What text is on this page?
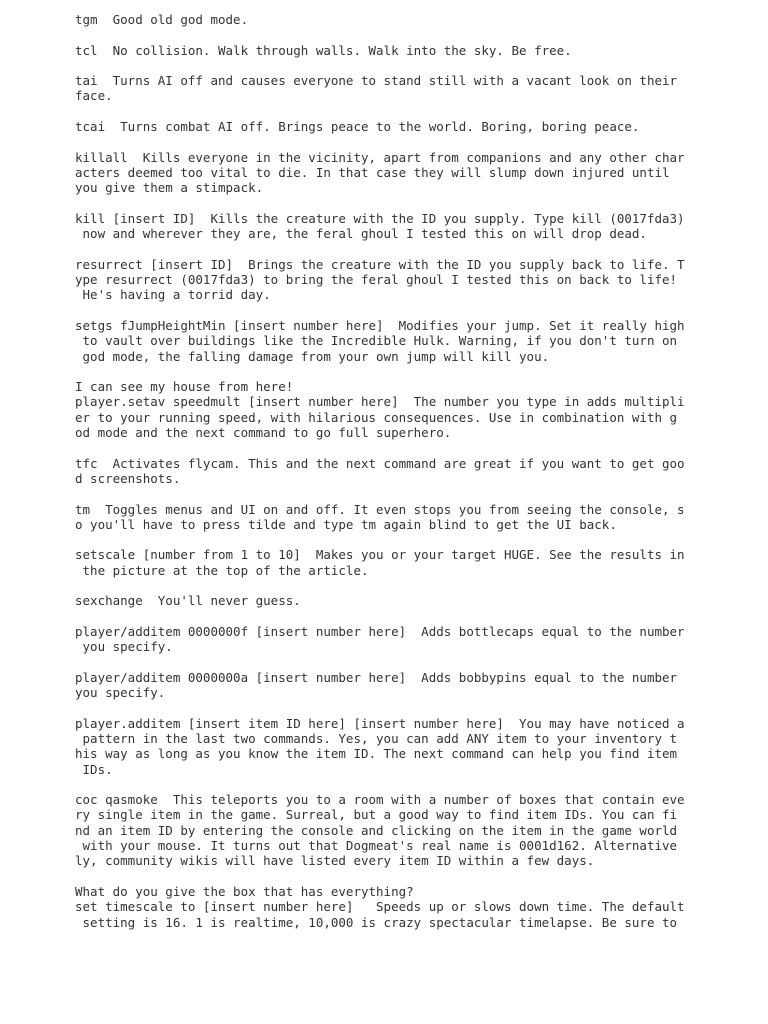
tgm  Good old god mode.
tcl  No collision. Walk through walls. Walk into the sky. Be free.
tai  Turns AI off and causes everyone to stand still with a vacant look on their
face.
tcai  Turns combat AI off. Brings peace to the world. Boring, boring peace.
killall  Kills everyone in the vicinity, apart from companions and any other char
acters deemed too vital to die. In that case they will slump down injured until
you give them a stimpack.
kill [insert ID]  Kills the creature with the ID you supply. Type kill (0017fda3)
now and wherever they are, the feral ghoul I tested this on will drop dead.
resurrect [insert ID]  Brings the creature with the ID you supply back to life. T
ype resurrect (0017fda3) to bring the feral ghoul I tested this on back to life!
He's having a torrid day.
setgs fJumpHeightMin [insert number here]  Modifies your jump. Set it really high
to vault over buildings like the Incredible Hulk. Warning, if you don't turn on
god mode, the falling damage from your own jump will kill you.
I can see my house from here!
player.setav speedmult [insert number here]  The number you type in adds multipli
er to your running speed, with hilarious consequences. Use in combination with g
od mode and the next command to go full superhero.
tfc  Activates flycam. This and the next command are great if you want to get goo
d screenshots.
tm  Toggles menus and UI on and off. It even stops you from seeing the console, s
o you'll have to press tilde and type tm again blind to get the UI back.
setscale [number from 1 to 10]  Makes you or your target HUGE. See the results in
the picture at the top of the article.
sexchange  You'll never guess.
player/additem 0000000f [insert number here]  Adds bottlecaps equal to the number
you specify.
player/additem 0000000a [insert number here]  Adds bobbypins equal to the number
you specify.
player.additem [insert item ID here] [insert number here]  You may have noticed a
pattern in the last two commands. Yes, you can add ANY item to your inventory t
his way as long as you know the item ID. The next command can help you find item
IDs.
coc qasmoke  This teleports you to a room with a number of boxes that contain eve
ry single item in the game. Surreal, but a good way to find item IDs. You can fi
nd an item ID by entering the console and clicking on the item in the game world
with your mouse. It turns out that Dogmeat's real name is 0001d162. Alternative
ly, community wikis will have listed every item ID within a few days.
What do you give the box that has everything?
set timescale to [insert number here]   Speeds up or slows down time. The default
setting is 16. 1 is realtime, 10,000 is crazy spectacular timelapse. Be sure to
